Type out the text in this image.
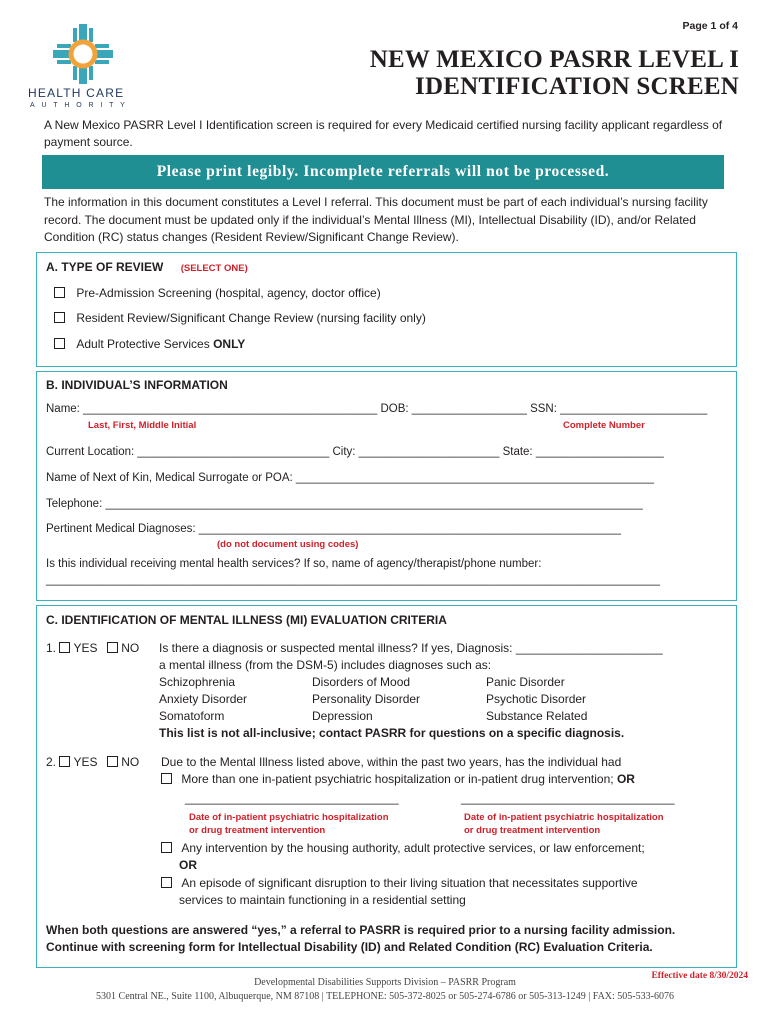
Page 1 of 4
HEALTH CARE
AUTHORITY
NEW MEXICO PASRR LEVEL I
IDENTIFICATION SCREEN
A New Mexico PASRR Level I Identification screen is required for every Medicaid certified nursing facility applicant regardless of payment source.
Please print legibly. Incomplete referrals will not be processed.
The information in this document constitutes a Level I referral. This document must be part of each individual’s nursing facility record. The document must be updated only if the individual’s Mental Illness (MI), Intellectual Disability (ID), and/or Related Condition (RC) status changes (Resident Review/Significant Change Review).
A. TYPE OF REVIEW (SELECT ONE)
Pre-Admission Screening (hospital, agency, doctor office)
Resident Review/Significant Change Review (nursing facility only)
Adult Protective Services ONLY
B. INDIVIDUAL’S INFORMATION
Name: ______________________________________________ DOB: __________________ SSN: _______________________
Last, First, Middle Initial	Complete Number
Current Location: ______________________________ City: ______________________ State: ____________________
Name of Next of Kin, Medical Surrogate or POA: ________________________________________________________
Telephone: ____________________________________________________________________________________
Pertinent Medical Diagnoses: __________________________________________________________________
(do not document using codes)
Is this individual receiving mental health services? If so, name of agency/therapist/phone number:
________________________________________________________________________________________________
C. IDENTIFICATION OF MENTAL ILLNESS (MI) EVALUATION CRITERIA
1. YES NO Is there a diagnosis or suspected mental illness? If yes, Diagnosis: ______________________
a mental illness (from the DSM-5) includes diagnoses such as:
Schizophrenia	Disorders of Mood	Panic Disorder
Anxiety Disorder	Personality Disorder	Psychotic Disorder
Somatoform	Depression	Substance Related
This list is not all-inclusive; contact PASRR for questions on a specific diagnosis.
2. YES NO Due to the Mental Illness listed above, within the past two years, has the individual had
More than one in-patient psychiatric hospitalization or in-patient drug intervention; OR
________________________________	________________________________
Date of in-patient psychiatric hospitalization
or drug treatment intervention
Date of in-patient psychiatric hospitalization
or drug treatment intervention
Any intervention by the housing authority, adult protective services, or law enforcement;
OR
An episode of significant disruption to their living situation that necessitates supportive
services to maintain functioning in a residential setting
When both questions are answered “yes,” a referral to PASRR is required prior to a nursing facility admission.
Continue with screening form for Intellectual Disability (ID) and Related Condition (RC) Evaluation Criteria.
Effective date 8/30/2024
Developmental Disabilities Supports Division – PASRR Program
5301 Central NE., Suite 1100, Albuquerque, NM 87108 | TELEPHONE: 505-372-8025 or 505-274-6786 or 505-313-1249 | FAX: 505-533-6076
